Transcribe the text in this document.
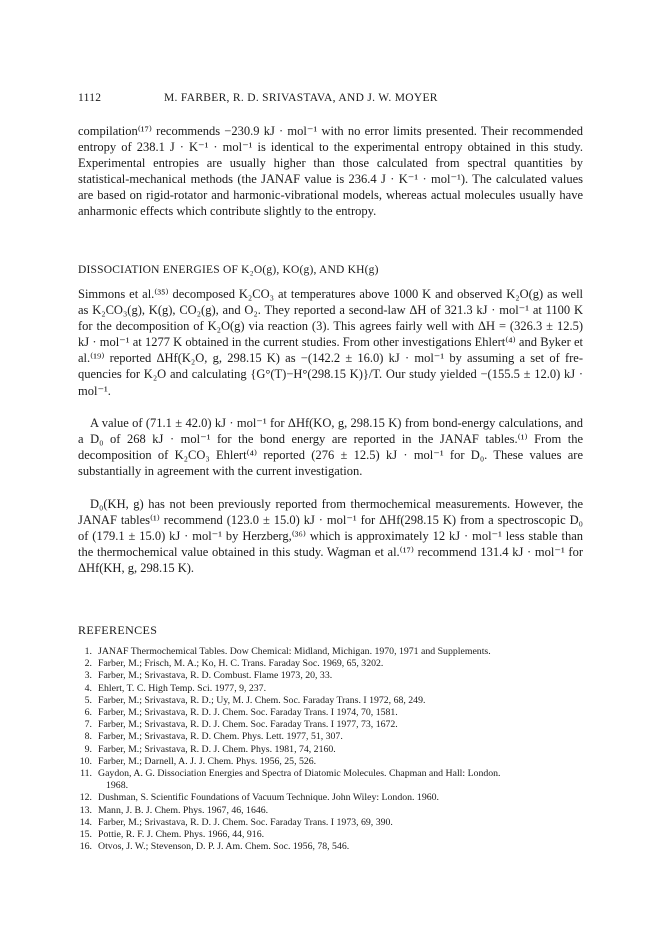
1112	M. FARBER, R. D. SRIVASTAVA, AND J. W. MOYER

compilation⁽¹⁷⁾ recommends −230.9 kJ · mol⁻¹ with no error limits presented. Their recommended entropy of 238.1 J · K⁻¹ · mol⁻¹ is identical to the experimental entropy obtained in this study. Experimental entropies are usually higher than those calculated from spectral quantities by statistical-mechanical methods (the JANAF value is 236.4 J · K⁻¹ · mol⁻¹). The calculated values are based on rigid-rotator and harmonic-vibrational models, whereas actual molecules usually have anharmonic effects which contribute slightly to the entropy.

DISSOCIATION ENERGIES OF K₂O(g), KO(g), AND KH(g)

Simmons et al.⁽³⁵⁾ decomposed K₂CO₃ at temperatures above 1000 K and observed K₂O(g) as well as K₂CO₃(g), K(g), CO₂(g), and O₂. They reported a second-law ΔH of 321.3 kJ · mol⁻¹ at 1100 K for the decomposition of K₂O(g) via reaction (3). This agrees fairly well with ΔH = (326.3 ± 12.5) kJ · mol⁻¹ at 1277 K obtained in the current studies. From other investigations Ehlert⁽⁴⁾ and Byker et al.⁽¹⁹⁾ reported ΔHf(K₂O, g, 298.15 K) as −(142.2 ± 16.0) kJ · mol⁻¹ by assuming a set of fre- quencies for K₂O and calculating {G°(T)−H°(298.15 K)}/T. Our study yielded −(155.5 ± 12.0) kJ · mol⁻¹.

A value of (71.1 ± 42.0) kJ · mol⁻¹ for ΔHf(KO, g, 298.15 K) from bond-energy calculations, and a D₀ of 268 kJ · mol⁻¹ for the bond energy are reported in the JANAF tables.⁽¹⁾ From the decomposition of K₂CO₃ Ehlert⁽⁴⁾ reported (276 ± 12.5) kJ · mol⁻¹ for D₀. These values are substantially in agreement with the current investigation.

D₀(KH, g) has not been previously reported from thermochemical measurements. However, the JANAF tables⁽¹⁾ recommend (123.0 ± 15.0) kJ · mol⁻¹ for ΔHf(298.15 K) from a spectroscopic D₀ of (179.1 ± 15.0) kJ · mol⁻¹ by Herzberg,⁽³⁶⁾ which is approximately 12 kJ · mol⁻¹ less stable than the thermochemical value obtained in this study. Wagman et al.⁽¹⁷⁾ recommend 131.4 kJ · mol⁻¹ for ΔHf(KH, g, 298.15 K).

REFERENCES

1. JANAF Thermochemical Tables. Dow Chemical: Midland, Michigan. 1970, 1971 and Supplements.
2. Farber, M.; Frisch, M. A.; Ko, H. C. Trans. Faraday Soc. 1969, 65, 3202.
3. Farber, M.; Srivastava, R. D. Combust. Flame 1973, 20, 33.
4. Ehlert, T. C. High Temp. Sci. 1977, 9, 237.
5. Farber, M.; Srivastava, R. D.; Uy, M. J. Chem. Soc. Faraday Trans. I 1972, 68, 249.
6. Farber, M.; Srivastava, R. D. J. Chem. Soc. Faraday Trans. I 1974, 70, 1581.
7. Farber, M.; Srivastava, R. D. J. Chem. Soc. Faraday Trans. I 1977, 73, 1672.
8. Farber, M.; Srivastava, R. D. Chem. Phys. Lett. 1977, 51, 307.
9. Farber, M.; Srivastava, R. D. J. Chem. Phys. 1981, 74, 2160.
10. Farber, M.; Darnell, A. J. J. Chem. Phys. 1956, 25, 526.
11. Gaydon, A. G. Dissociation Energies and Spectra of Diatomic Molecules. Chapman and Hall: London.
1968.
12. Dushman, S. Scientific Foundations of Vacuum Technique. John Wiley: London. 1960.
13. Mann, J. B. J. Chem. Phys. 1967, 46, 1646.
14. Farber, M.; Srivastava, R. D. J. Chem. Soc. Faraday Trans. I 1973, 69, 390.
15. Pottie, R. F. J. Chem. Phys. 1966, 44, 916.
16. Otvos, J. W.; Stevenson, D. P. J. Am. Chem. Soc. 1956, 78, 546.
